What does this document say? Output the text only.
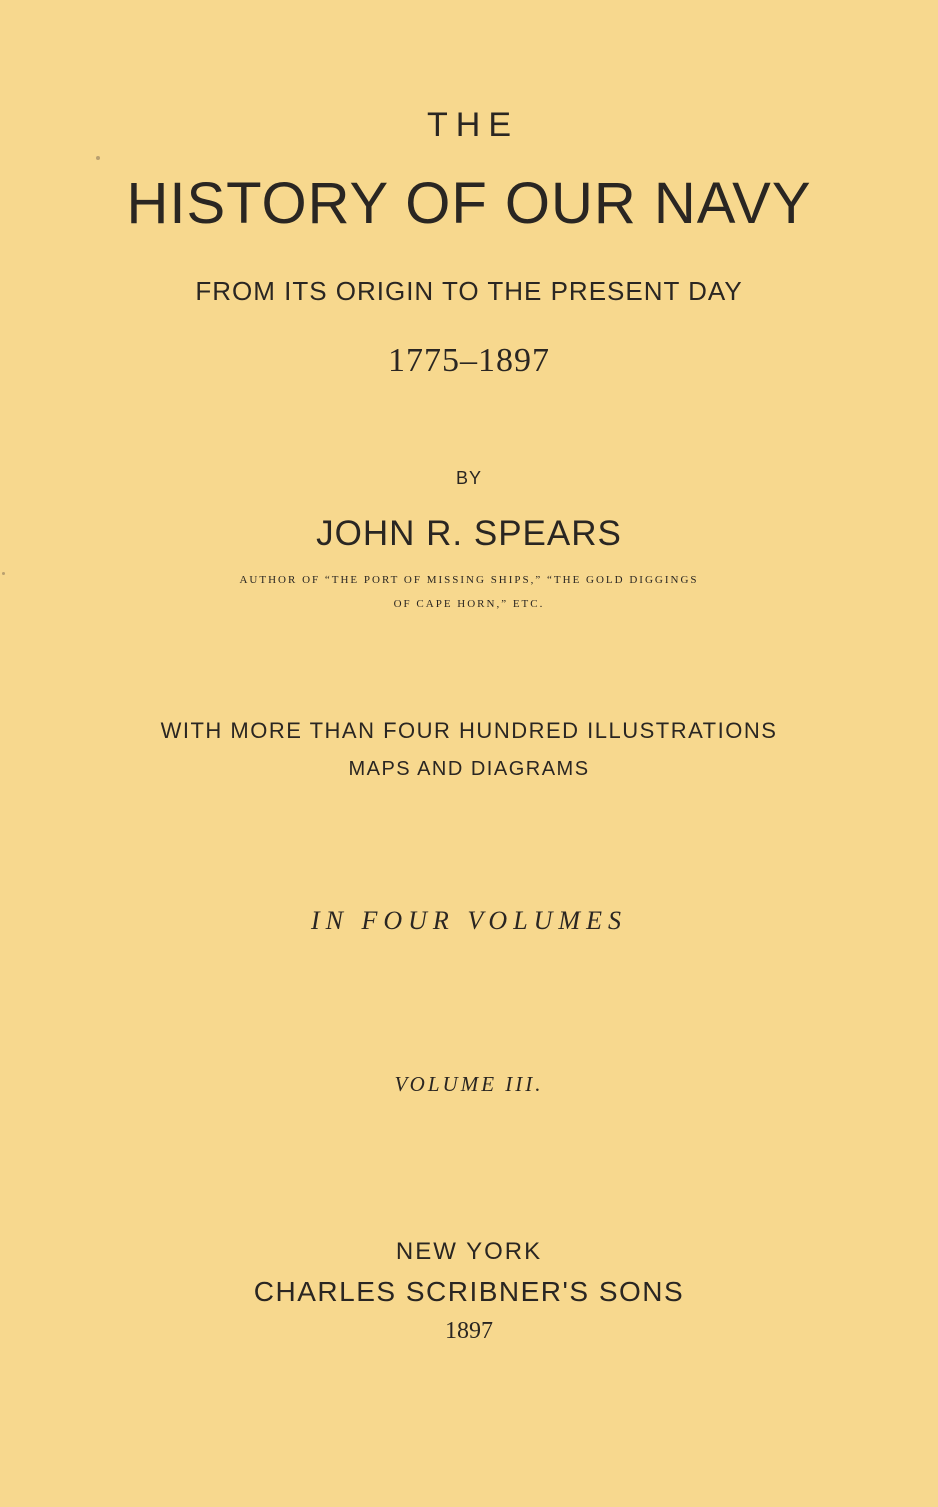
THE
HISTORY OF OUR NAVY
FROM ITS ORIGIN TO THE PRESENT DAY
1775–1897
BY
JOHN R. SPEARS
AUTHOR OF “THE PORT OF MISSING SHIPS,” “THE GOLD DIGGINGS
OF CAPE HORN,” ETC.
WITH MORE THAN FOUR HUNDRED ILLUSTRATIONS
MAPS AND DIAGRAMS
IN FOUR VOLUMES
VOLUME III.
NEW YORK
CHARLES SCRIBNER'S SONS
1897
